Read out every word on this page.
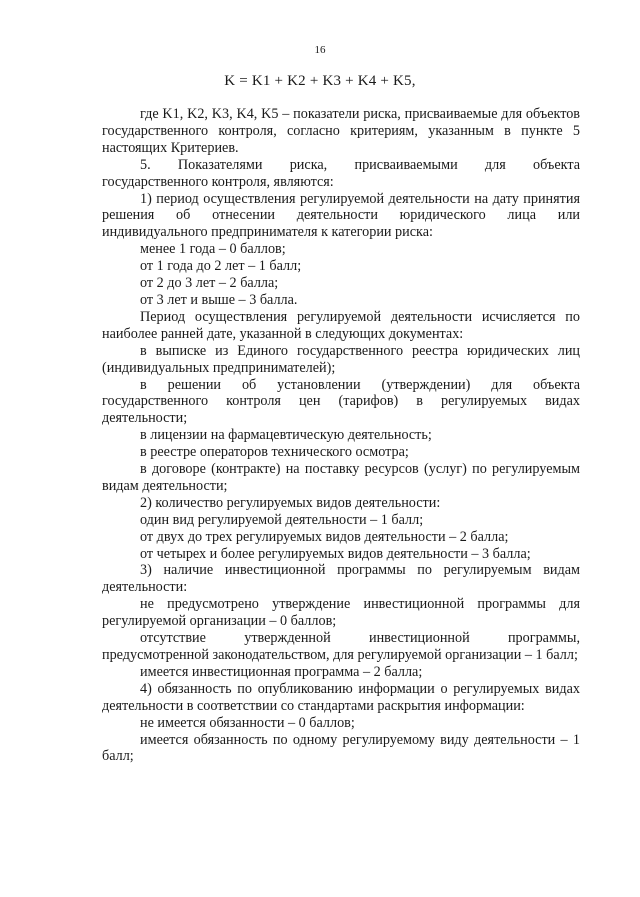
16
K = K1 + K2 + K3 + K4 + K5,

где K1, K2, K3, K4, K5 – показатели риска, присваиваемые для объектов государственного контроля, согласно критериям, указанным в пункте 5 настоящих Критериев.

5. Показателями риска, присваиваемыми для объекта

государственного контроля, являются:

1) период осуществления регулируемой деятельности на дату принятия решения об отнесении деятельности юридического лица или индивидуального предпринимателя к категории риска:

менее 1 года – 0 баллов;

от 1 года до 2 лет – 1 балл;

от 2 до 3 лет – 2 балла;

от 3 лет и выше – 3 балла.

Период осуществления регулируемой деятельности исчисляется по наиболее ранней дате, указанной в следующих документах:

в выписке из Единого государственного реестра юридических лиц (индивидуальных предпринимателей);

в решении об установлении (утверждении) для объекта государственного контроля цен (тарифов) в регулируемых видах деятельности;

в лицензии на фармацевтическую деятельность;

в реестре операторов технического осмотра;

в договоре (контракте) на поставку ресурсов (услуг) по регулируемым видам деятельности;

2) количество регулируемых видов деятельности:

один вид регулируемой деятельности – 1 балл;

от двух до трех регулируемых видов деятельности – 2 балла;

от четырех и более регулируемых видов деятельности – 3 балла;

3) наличие инвестиционной программы по регулируемым видам деятельности:

не предусмотрено утверждение инвестиционной программы для регулируемой организации – 0 баллов;

отсутствие утвержденной инвестиционной программы, предусмотренной законодательством, для регулируемой организации – 1 балл;

имеется инвестиционная программа – 2 балла;

4) обязанность по опубликованию информации о регулируемых видах деятельности в соответствии со стандартами раскрытия информации:

не имеется обязанности – 0 баллов;

имеется обязанность по одному регулируемому виду деятельности – 1 балл;
